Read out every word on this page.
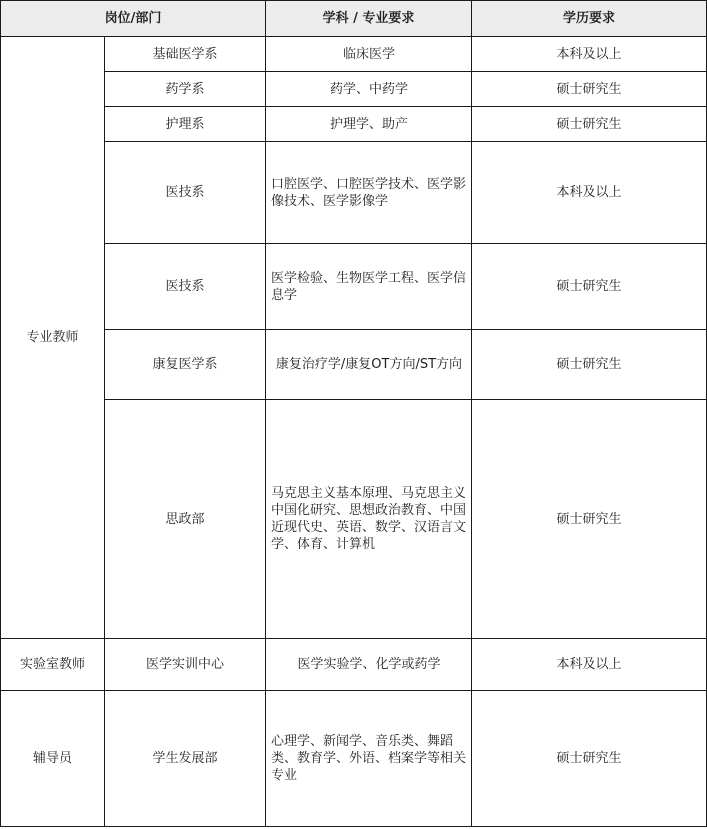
岗位/部门		学科 / 专业要求	学历要求
专业教师	基础医学系	临床医学	本科及以上
	药学系	药学、中药学	硕士研究生
	护理系	护理学、助产	硕士研究生
	医技系	口腔医学、口腔医学技术、医学影像技术、医学影像学	本科及以上
	医技系	医学检验、生物医学工程、医学信息学	硕士研究生
	康复医学系	康复治疗学/康复OT方向/ST方向	硕士研究生
	思政部	马克思主义基本原理、马克思主义中国化研究、思想政治教育、中国近现代史、英语、数学、汉语言文学、体育、计算机	硕士研究生
实验室教师	医学实训中心	医学实验学、化学或药学	本科及以上
辅导员	学生发展部	心理学、新闻学、音乐类、舞蹈类、教育学、外语、档案学等相关专业	硕士研究生
